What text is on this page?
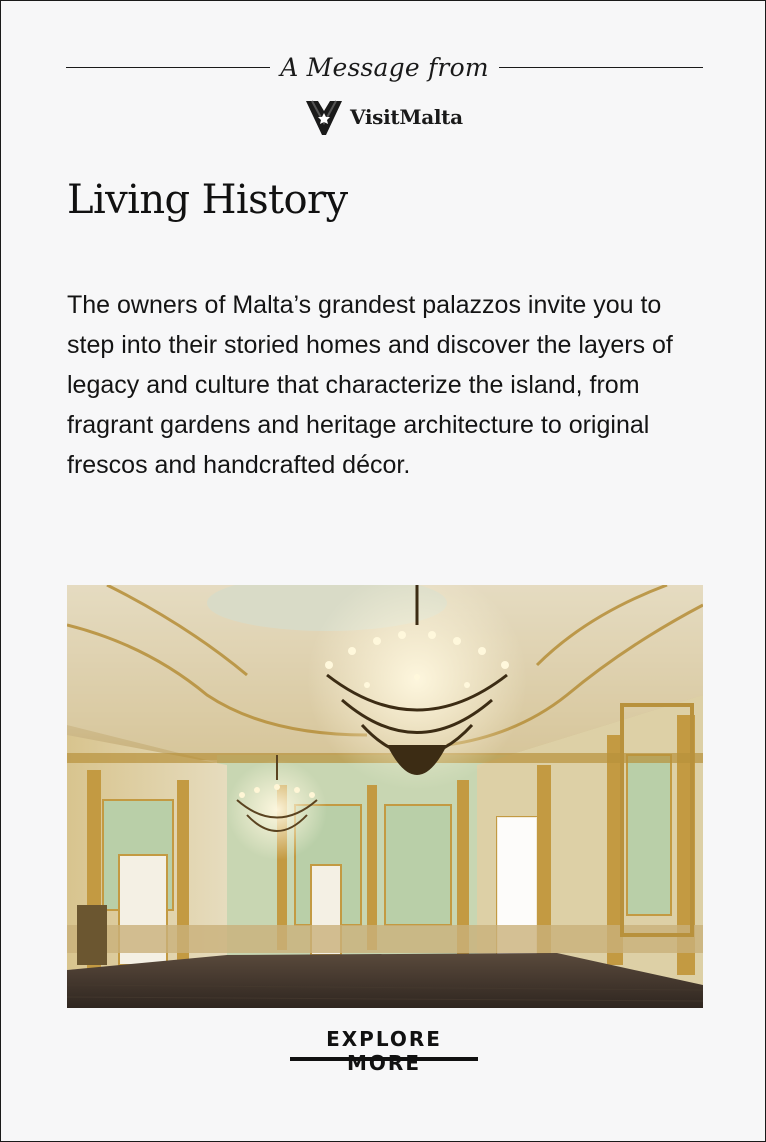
A Message from
VisitMalta
Living History

The owners of Malta’s grandest palazzos invite you to step into their storied homes and discover the layers of legacy and culture that characterize the island, from fragrant gardens and heritage architecture to original frescos and handcrafted décor.

EXPLORE MORE
